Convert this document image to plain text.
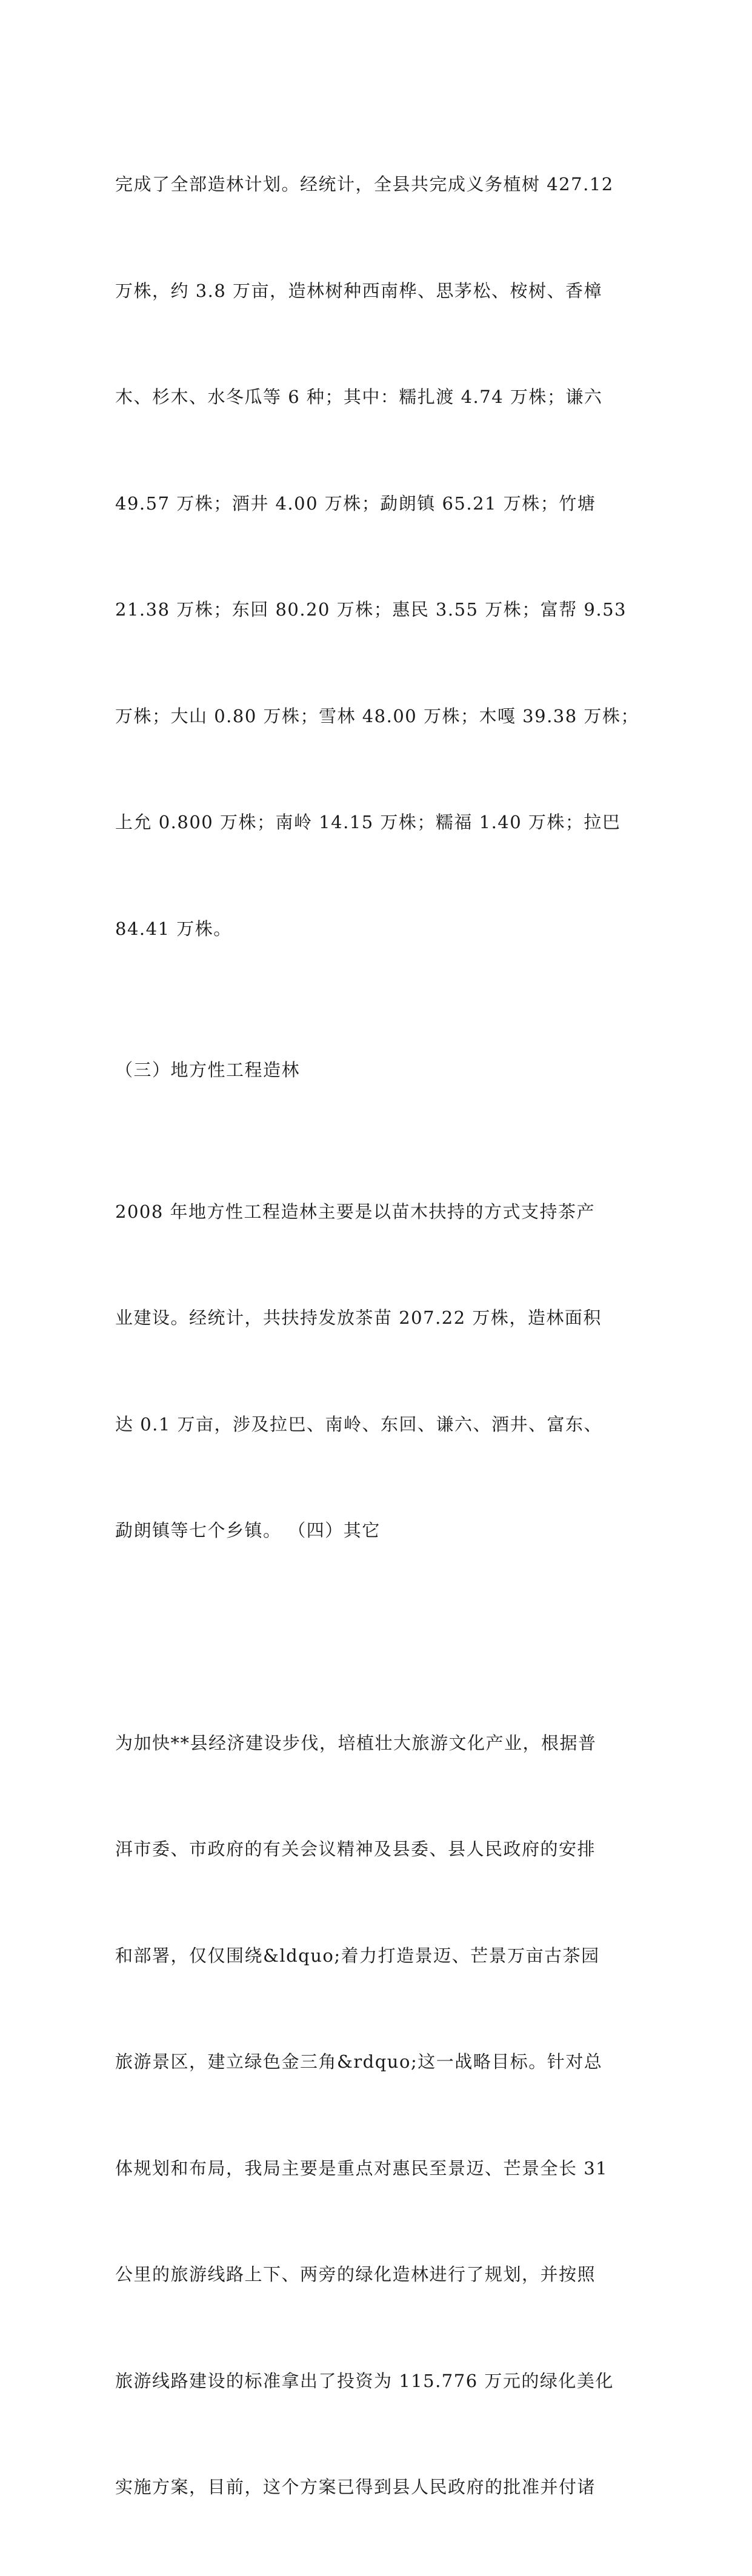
完成了全部造林计划。经统计，全县共完成义务植树 427.12

万株，约 3.8 万亩，造林树种西南桦、思茅松、桉树、香樟

木、杉木、水冬瓜等 6 种；其中：糯扎渡 4.74 万株；谦六

49.57 万株；酒井 4.00 万株；勐朗镇 65.21 万株；竹塘

21.38 万株；东回 80.20 万株；惠民 3.55 万株；富帮 9.53

万株；大山 0.80 万株；雪林 48.00 万株；木嘎 39.38 万株；

上允 0.800 万株；南岭 14.15 万株；糯福 1.40 万株；拉巴

84.41 万株。

（三）地方性工程造林

2008 年地方性工程造林主要是以苗木扶持的方式支持茶产

业建设。经统计，共扶持发放茶苗 207.22 万株，造林面积

达 0.1 万亩，涉及拉巴、南岭、东回、谦六、酒井、富东、

勐朗镇等七个乡镇。 （四）其它

为加快**县经济建设步伐，培植壮大旅游文化产业，根据普

洱市委、市政府的有关会议精神及县委、县人民政府的安排

和部署，仅仅围绕&ldquo;着力打造景迈、芒景万亩古茶园

旅游景区，建立绿色金三角&rdquo;这一战略目标。针对总

体规划和布局，我局主要是重点对惠民至景迈、芒景全长 31

公里的旅游线路上下、两旁的绿化造林进行了规划，并按照

旅游线路建设的标准拿出了投资为 115.776 万元的绿化美化

实施方案，目前，这个方案已得到县人民政府的批准并付诸
